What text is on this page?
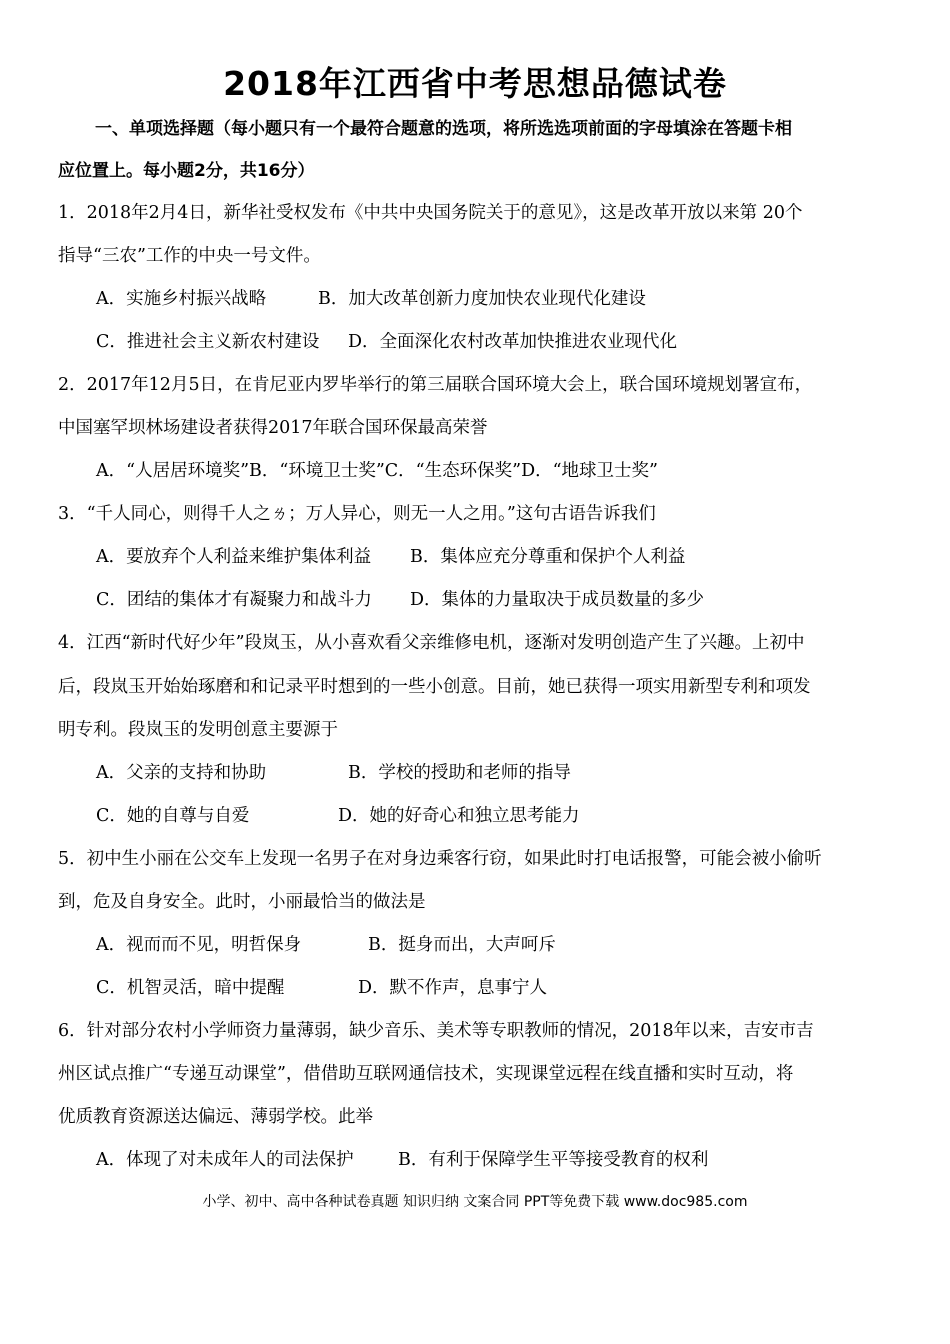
2018年江西省中考思想品德试卷
一、单项选择题（每小题只有一个最符合题意的选项，将所选选项前面的字母填涂在答题卡相
应位置上。每小题2分，共16分）
1．2018年2月4日，新华社受权发布《中共中央国务院关于的意见》，这是改革开放以来第 20个
指导“三农”工作的中央一号文件。
A．实施乡村振兴战略	B．加大改革创新力度加快农业现代化建设
C．推进社会主义新农村建设 D．全面深化农村改革加快推进农业现代化
2．2017年12月5日，在肯尼亚内罗毕举行的第三届联合国环境大会上，联合国环境规划署宣布，
中国塞罕坝林场建设者获得2017年联合国环保最高荣誉
A．“人居居环境奖”B．“环境卫士奖”C．“生态环保奖”D．“地球卫士奖”
3．“千人同心，则得千人之ㄌ；万人异心，则无一人之用。”这句古语告诉我们
A．要放弃个人利益来维护集体利益 B．集体应充分尊重和保护个人利益
C．团结的集体才有凝聚力和战斗力 D．集体的力量取决于成员数量的多少
4．江西“新时代好少年”段岚玉，从小喜欢看父亲维修电机，逐渐对发明创造产生了兴趣。上初中
后，段岚玉开始始琢磨和和记录平时想到的一些小创意。目前，她已获得一项实用新型专利和项发
明专利。段岚玉的发明创意主要源于
A．父亲的支持和协助	B．学校的授助和老师的指导
C．她的自尊与自爱	D．她的好奇心和独立思考能力
5．初中生小丽在公交车上发现一名男子在对身边乘客行窃，如果此时打电话报警，可能会被小偷听
到，危及自身安全。此时，小丽最恰当的做法是
A．视而而不见，明哲保身	B．挺身而出，大声呵斥
C．机智灵活，暗中提醒	D．默不作声，息事宁人
6．针对部分农村小学师资力量薄弱，缺少音乐、美术等专职教师的情况，2018年以来，吉安市吉
州区试点推广“专递互动课堂”，借借助互联网通信技术，实现课堂远程在线直播和实时互动，将
优质教育资源送达偏远、薄弱学校。此举
A．体现了对未成年人的司法保护	B．有利于保障学生平等接受教育的权利
小学、初中、高中各种试卷真题 知识归纳 文案合同 PPT等免费下载 www.doc985.com
